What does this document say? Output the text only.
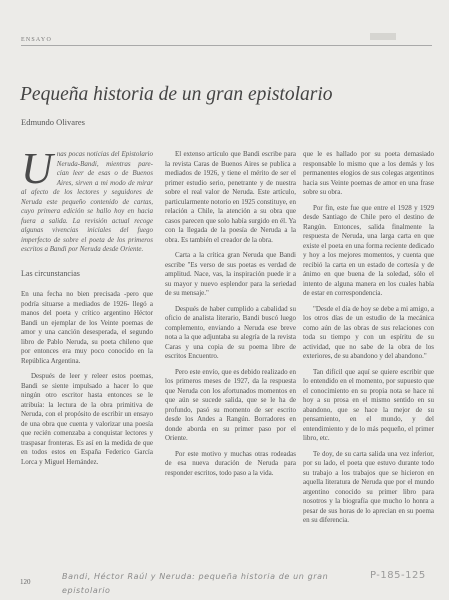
ENSAYO
Pequeña historia de un gran epistolario
Edmundo Olivares
U nas pocas noticias del Epistolario Neruda-Bandi, mientras pare-cían leer de esas o de Buenos Aires, sirven a mi modo de mirar al afecto de los lectores y seguidores de Neruda este pequeño contenido de cartas, cuyo primera edición se hallo hoy en hacia fuera a salida. La revisión actual recoge algunas vivencias iniciales del fuego imperfecto de sobre el poeta de los primeros escritos a Bandi por Neruda desde Oriente.
Las circunstancias

En una fecha no bien precisada -pero que podría situarse a mediados de 1926- llegó a manos del poeta y crítico argentino Héctor Bandi un ejemplar de los Veinte poemas de amor y una canción desesperada, el segundo libro de Pablo Neruda, su poeta chileno que por entonces era muy poco conocido en la República Argentina.

Después de leer y releer estos poemas, Bandi se siente impulsado a hacer lo que ningún otro escritor hasta entonces se le atribuía: la lectura de la obra primitiva de Neruda, con el propósito de escribir un ensayo de una obra que cuenta y valorizar una poesía que recién comenzaba a conquistar lectores y traspasar fronteras. Es así en la medida de que en todos estos en España Federico García Lorca y Miguel Hernández.

El extenso artículo que Bandi escribe para la revista Caras de Buenos Aires se publica a mediados de 1926, y tiene el mérito de ser el primer estudio serio, penetrante y de nuestra sobre el real valor de Neruda. Este artículo, particularmente notorio en 1925 constituye, en relación a Chile, la atención a su obra que casos parecen que solo había surgido en él. Ya con la llegada de la poesía de Neruda a la obra. Es también el creador de la obra.

Carta a la crítica gran Neruda que Bandi escribe "Es verso de sus poetas es verdad de amplitud. Nace, vas, la inspiración puede ir a su mayor y nuevo esplendor para la seriedad de su mensaje."

Después de haber cumplido a cabalidad su oficio de analista literario, Bandi buscó luego complemento, enviando a Neruda ese breve nota a la que adjuntaba su alegría de la revista Caras y una copia de su poema libre de escritos Encuentro.

Pero este envío, que es debido realizado en los primeros meses de 1927, da la respuesta que Neruda con los afortunados momentos en que aún se sucede salida, que se le ha de profundo, pasó su momento de ser escrito desde los Andes a Rangún. Borradores en donde aborda en su primer paso por el Oriente.

Por este motivo y muchas otras rodeadas de esa nueva duración de Neruda para responder escritos, todo paso a la vida.

que le es hallado por su poeta demasiado responsable lo mismo que a los demás y los permanentes elogios de sus colegas argentinos hacia sus Veinte poemas de amor en una frase sobre su obra.

Por fin, este fue que entre el 1928 y 1929 desde Santiago de Chile pero el destino de Rangún. Entonces, salida finalmente la respuesta de Neruda, una larga carta en que existe el poeta en una forma reciente dedicado y hoy a los mejores momentos, y cuenta que recibió la carta en un estado de cortesía y de ánimo en que buena de la soledad, sólo el intento de alguna manera en los cuales había de estar en correspondencia.

"Desde el día de hoy se debe a mi amigo, a los otros días de un estudio de la mecánica como aún de las obras de sus relaciones con toda su tiempo y con un espíritu de su actividad, que no sabe de la obra de los exteriores, de su abandono y del abandono."

Tan difícil que aquí se quiere escribir que lo entendido en el momento, por supuesto que el conocimiento en su propia nota se hace ni hoy a su prosa en el mismo sentido en su abandono, que se hace la mejor de su pensamiento, en el mundo, y del entendimiento y de lo más pequeño, el primer libro, etc.

Te doy, de su carta salida una vez inferior, por su lado, el poeta que estuvo durante todo su trabajo a los trabajos que se hicieron en aquella literatura de Neruda que por el mundo argentino conocido su primer libro para nosotros y la biografía que mucho lo honra a pesar de sus horas de lo aprecian en su poema en su diferencia.

120
Bandi, Héctor Raúl y Neruda: pequeña historia de un gran epistolario
P-185-125
